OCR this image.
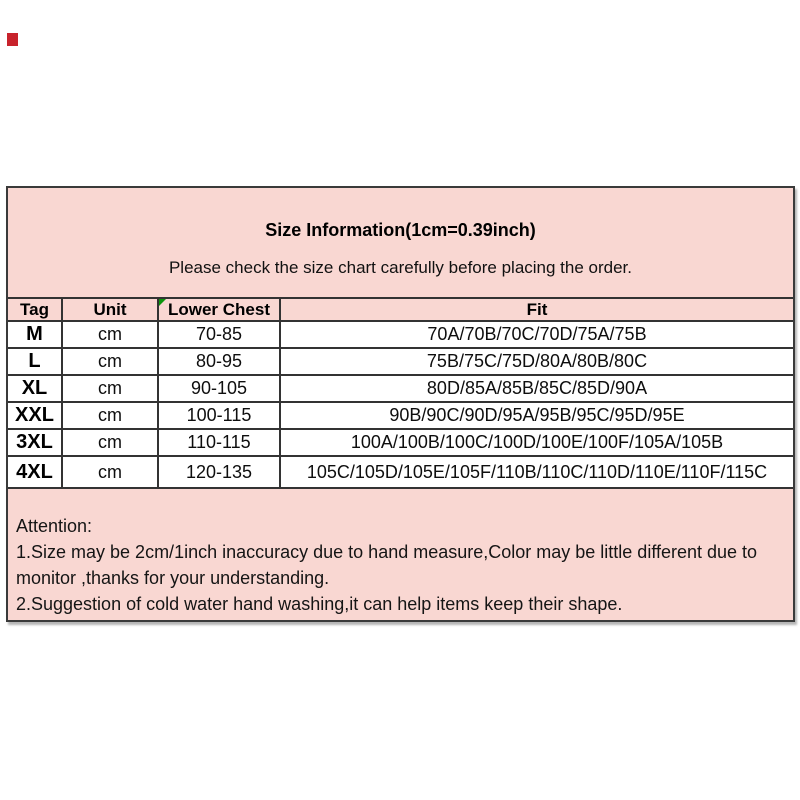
Size Information(1cm=0.39inch)
Please check the size chart carefully before placing the order.
Tag	Unit	Lower Chest	Fit
M	cm	70-85	70A/70B/70C/70D/75A/75B
L	cm	80-95	75B/75C/75D/80A/80B/80C
XL	cm	90-105	80D/85A/85B/85C/85D/90A
XXL	cm	100-115	90B/90C/90D/95A/95B/95C/95D/95E
3XL	cm	110-115	100A/100B/100C/100D/100E/100F/105A/105B
4XL	cm	120-135	105C/105D/105E/105F/110B/110C/110D/110E/110F/115C
Attention:
1.Size may be 2cm/1inch inaccuracy due to hand measure,Color may be little different due to
monitor ,thanks for your understanding.
2.Suggestion of cold water hand washing,it can help items keep their shape.
